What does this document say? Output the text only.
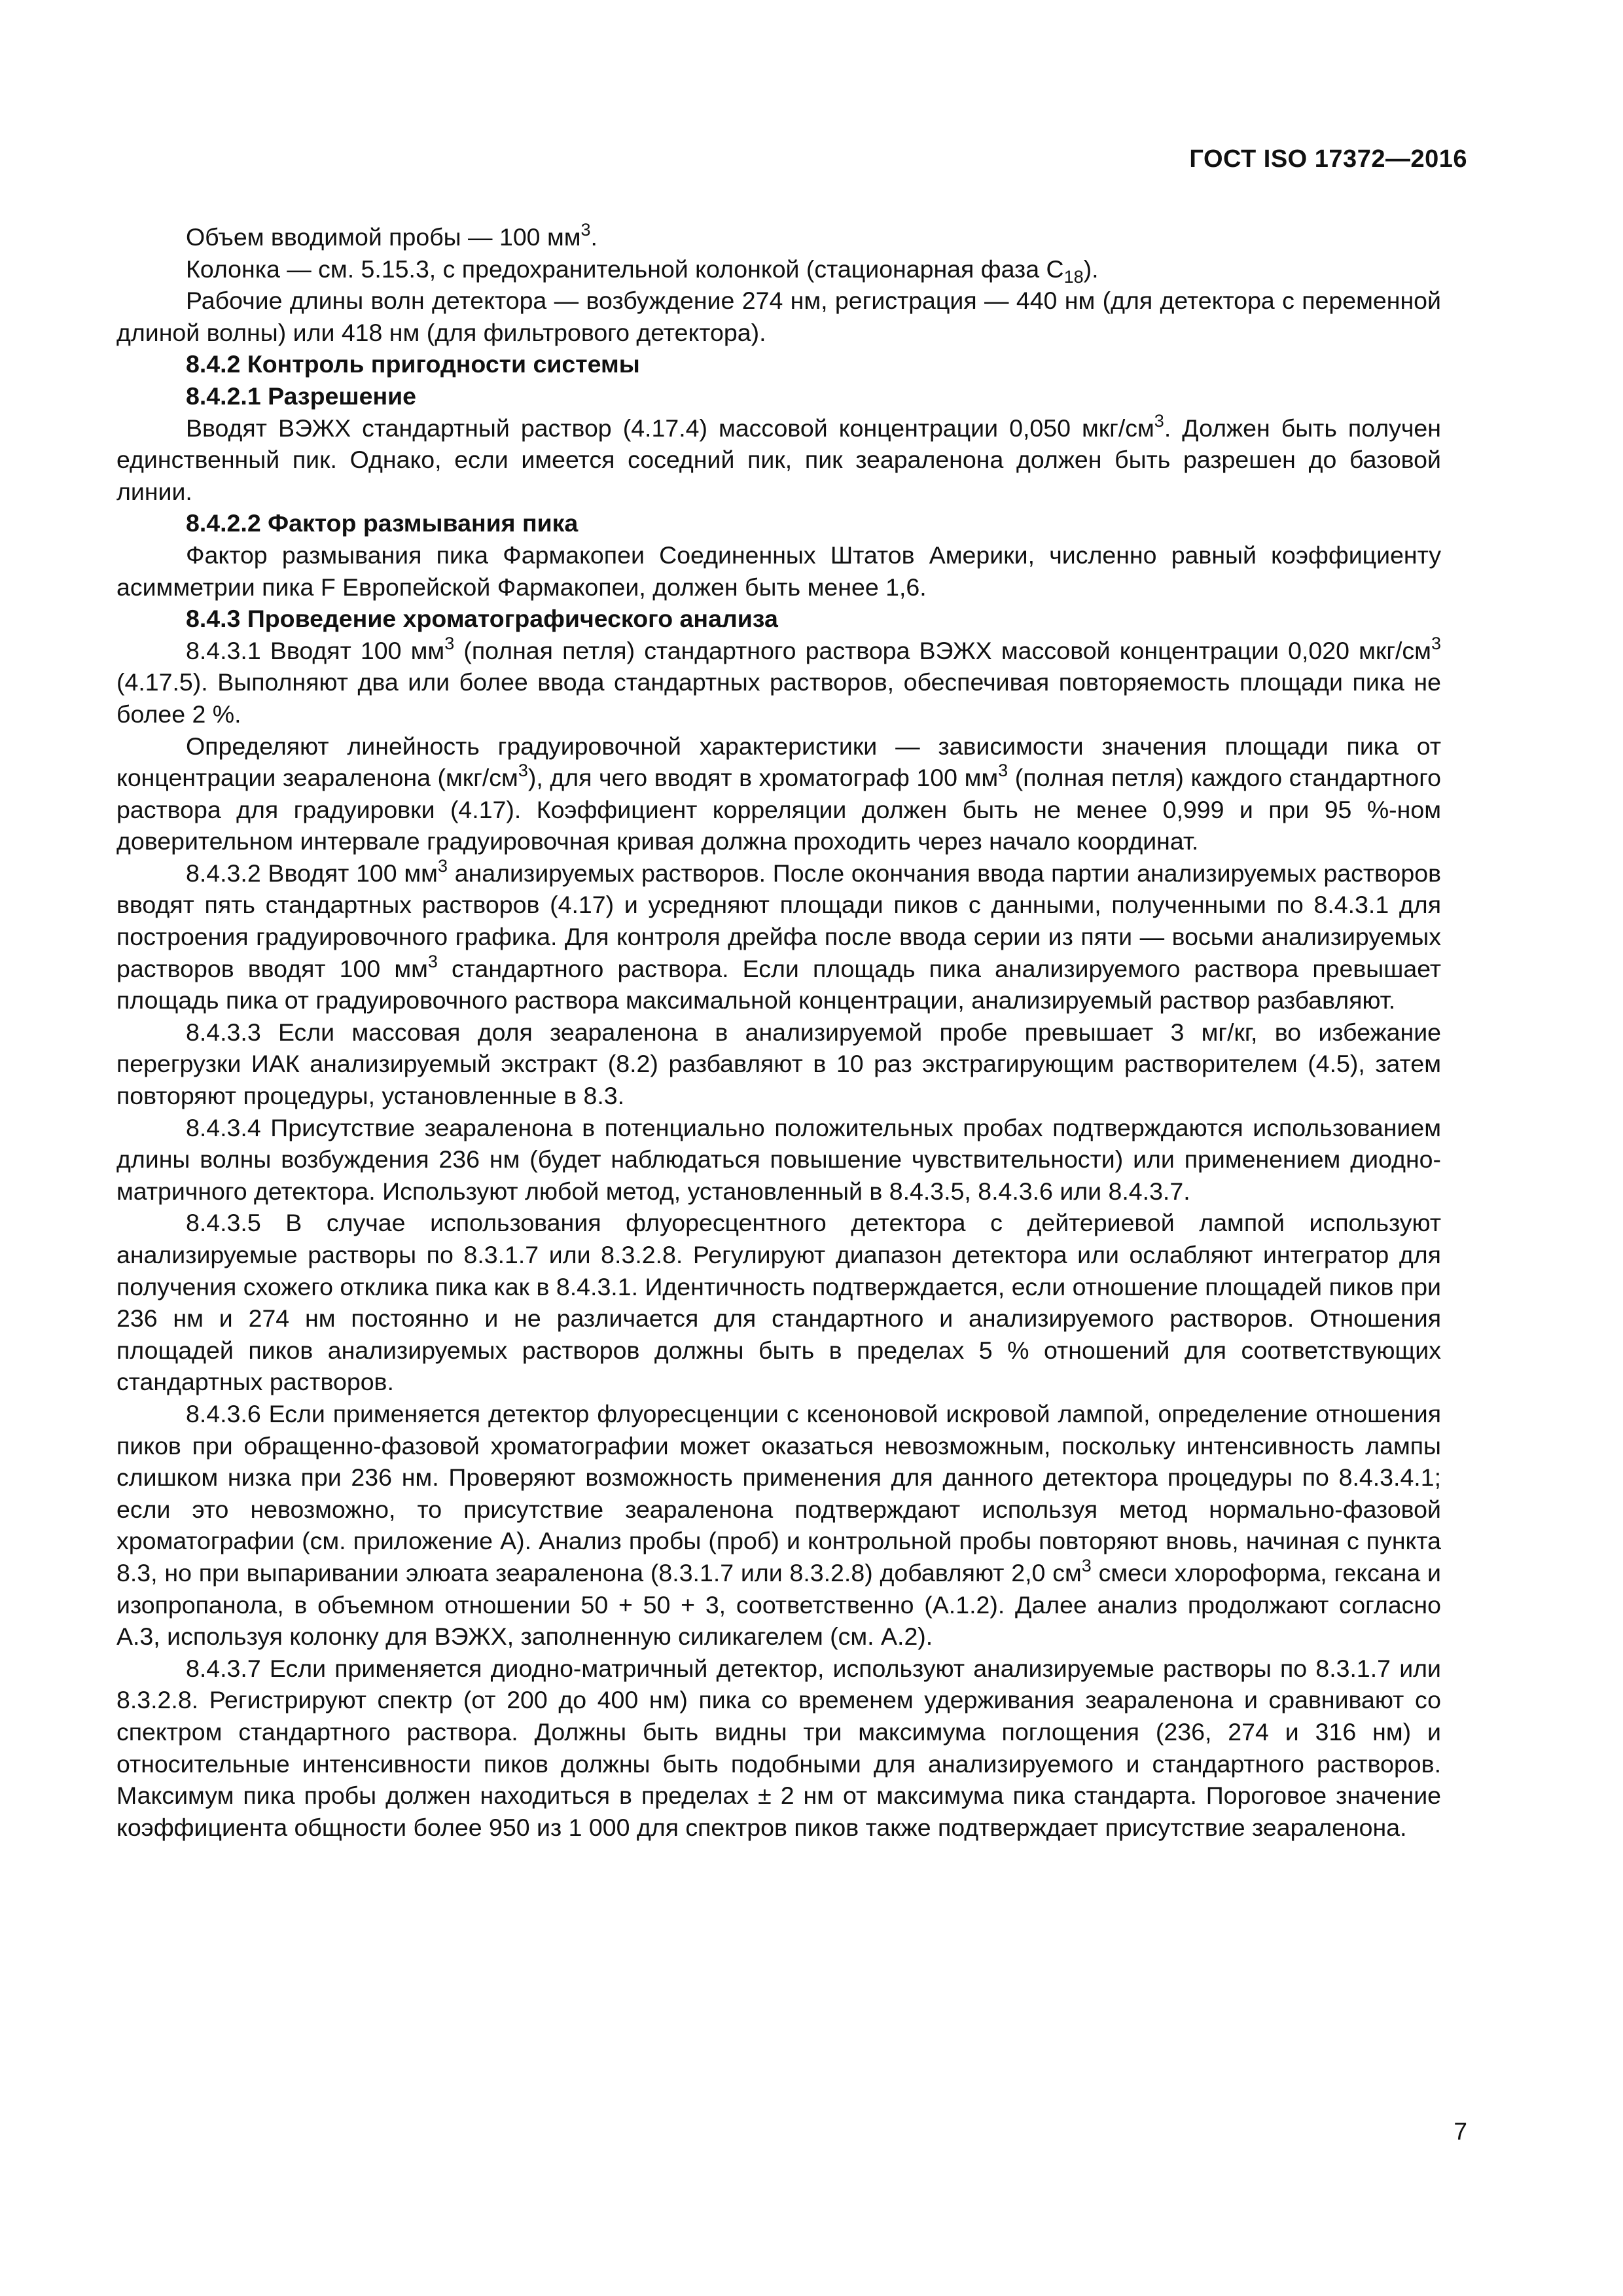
ГОСТ ISO 17372—2016

Объем вводимой пробы — 100 $мм^3$.

Колонка — см. 5.15.3, с предохранительной колонкой (стационарная фаза $С_{18}$).

Рабочие длины волн детектора — возбуждение 274 нм, регистрация — 440 нм (для детектора с переменной длиной волны) или 418 нм (для фильтрового детектора).

8.4.2 Контроль пригодности системы

8.4.2.1 Разрешение

Вводят ВЭЖХ стандартный раствор (4.17.4) массовой концентрации 0,050 мкг/$см^3$. Должен быть получен единственный пик. Однако, если имеется соседний пик, пик зеараленона должен быть разрешен до базовой линии.

8.4.2.2 Фактор размывания пика

Фактор размывания пика Фармакопеи Соединенных Штатов Америки, численно равный коэффициенту асимметрии пика F Европейской Фармакопеи, должен быть менее 1,6.

8.4.3 Проведение хроматографического анализа

8.4.3.1 Вводят 100 $мм^3$ (полная петля) стандартного раствора ВЭЖХ массовой концентрации 0,020 мкг/$см^3$ (4.17.5). Выполняют два или более ввода стандартных растворов, обеспечивая повторяемость площади пика не более 2 %.

Определяют линейность градуировочной характеристики — зависимости значения площади пика от концентрации зеараленона $(мкг/см^3)$, для чего вводят в хроматограф 100 $мм^3$ (полная петля) каждого стандартного раствора для градуировки (4.17). Коэффициент корреляции должен быть не менее 0,999 и при 95 %-ном доверительном интервале градуировочная кривая должна проходить через начало координат.

8.4.3.2 Вводят 100 $мм^3$ анализируемых растворов. После окончания ввода партии анализируемых растворов вводят пять стандартных растворов (4.17) и усредняют площади пиков с данными, полученными по 8.4.3.1 для построения градуировочного графика. Для контроля дрейфа после ввода серии из пяти — восьми анализируемых растворов вводят 100 $мм^3$ стандартного раствора. Если площадь пика анализируемого раствора превышает площадь пика от градуировочного раствора максимальной концентрации, анализируемый раствор разбавляют.

8.4.3.3 Если массовая доля зеараленона в анализируемой пробе превышает 3 мг/кг, во избежание перегрузки ИАК анализируемый экстракт (8.2) разбавляют в 10 раз экстрагирующим растворителем (4.5), затем повторяют процедуры, установленные в 8.3.

8.4.3.4 Присутствие зеараленона в потенциально положительных пробах подтверждаются использованием длины волны возбуждения 236 нм (будет наблюдаться повышение чувствительности) или применением диодно-матричного детектора. Используют любой метод, установленный в 8.4.3.5, 8.4.3.6 или 8.4.3.7.

8.4.3.5 В случае использования флуоресцентного детектора с дейтериевой лампой используют анализируемые растворы по 8.3.1.7 или 8.3.2.8. Регулируют диапазон детектора или ослабляют интегратор для получения схожего отклика пика как в 8.4.3.1. Идентичность подтверждается, если отношение площадей пиков при 236 нм и 274 нм постоянно и не различается для стандартного и анализируемого растворов. Отношения площадей пиков анализируемых растворов должны быть в пределах 5 % отношений для соответствующих стандартных растворов.

8.4.3.6 Если применяется детектор флуоресценции с ксеноновой искровой лампой, определение отношения пиков при обращенно-фазовой хроматографии может оказаться невозможным, поскольку интенсивность лампы слишком низка при 236 нм. Проверяют возможность применения для данного детектора процедуры по 8.4.3.4.1; если это невозможно, то присутствие зеараленона подтверждают используя метод нормально-фазовой хроматографии (см. приложение А). Анализ пробы (проб) и контрольной пробы повторяют вновь, начиная с пункта 8.3, но при выпаривании элюата зеараленона (8.3.1.7 или 8.3.2.8) добавляют 2,0 $см^3$ смеси хлороформа, гексана и изопропанола, в объемном отношении 50 + 50 + 3, соответственно (А.1.2). Далее анализ продолжают согласно А.3, используя колонку для ВЭЖХ, заполненную силикагелем (см. А.2).

8.4.3.7 Если применяется диодно-матричный детектор, используют анализируемые растворы по 8.3.1.7 или 8.3.2.8. Регистрируют спектр (от 200 до 400 нм) пика со временем удерживания зеараленона и сравнивают со спектром стандартного раствора. Должны быть видны три максимума поглощения (236, 274 и 316 нм) и относительные интенсивности пиков должны быть подобными для анализируемого и стандартного растворов. Максимум пика пробы должен находиться в пределах ± 2 нм от максимума пика стандарта. Пороговое значение коэффициента общности более 950 из 1 000 для спектров пиков также подтверждает присутствие зеараленона.

7
